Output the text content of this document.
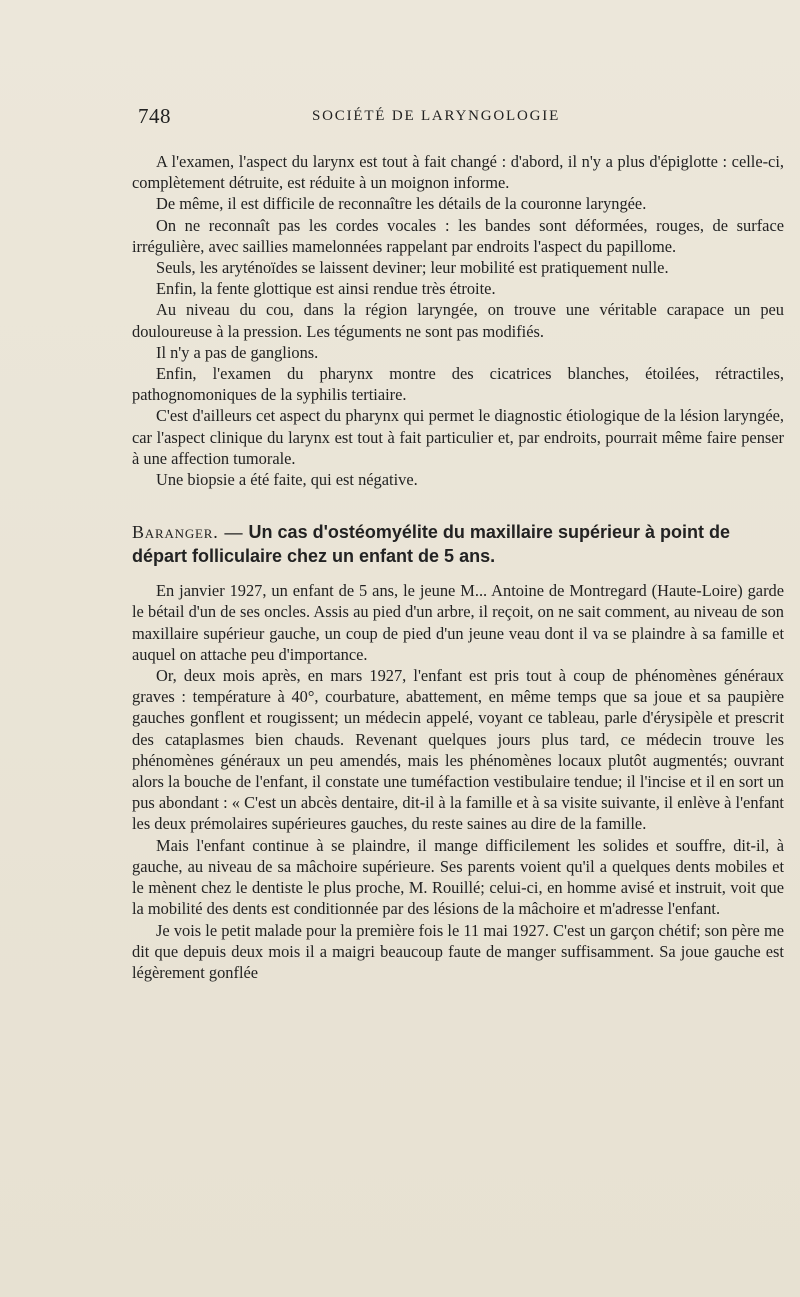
748	SOCIÉTÉ DE LARYNGOLOGIE

A l'examen, l'aspect du larynx est tout à fait changé : d'abord, il n'y a plus d'épiglotte : celle-ci, complètement détruite, est réduite à un moignon informe.

De même, il est difficile de reconnaître les détails de la couronne laryngée.

On ne reconnaît pas les cordes vocales : les bandes sont déformées, rouges, de surface irrégulière, avec saillies mamelonnées rappelant par endroits l'aspect du papillome.

Seuls, les aryténoïdes se laissent deviner; leur mobilité est pratiquement nulle.

Enfin, la fente glottique est ainsi rendue très étroite.

Au niveau du cou, dans la région laryngée, on trouve une véritable carapace un peu douloureuse à la pression. Les téguments ne sont pas modifiés.

Il n'y a pas de ganglions.

Enfin, l'examen du pharynx montre des cicatrices blanches, étoilées, rétractiles, pathognomoniques de la syphilis tertiaire.

C'est d'ailleurs cet aspect du pharynx qui permet le diagnostic étiologique de la lésion laryngée, car l'aspect clinique du larynx est tout à fait particulier et, par endroits, pourrait même faire penser à une affection tumorale.

Une biopsie a été faite, qui est négative.

Baranger. — Un cas d'ostéomyélite du maxillaire supérieur à point de départ folliculaire chez un enfant de 5 ans.

En janvier 1927, un enfant de 5 ans, le jeune M... Antoine de Montregard (Haute-Loire) garde le bétail d'un de ses oncles. Assis au pied d'un arbre, il reçoit, on ne sait comment, au niveau de son maxillaire supérieur gauche, un coup de pied d'un jeune veau dont il va se plaindre à sa famille et auquel on attache peu d'importance.

Or, deux mois après, en mars 1927, l'enfant est pris tout à coup de phénomènes généraux graves : température à 40°, courbature, abattement, en même temps que sa joue et sa paupière gauches gonflent et rougissent; un médecin appelé, voyant ce tableau, parle d'érysipèle et prescrit des cataplasmes bien chauds. Revenant quelques jours plus tard, ce médecin trouve les phénomènes généraux un peu amendés, mais les phénomènes locaux plutôt augmentés; ouvrant alors la bouche de l'enfant, il constate une tuméfaction vestibulaire tendue; il l'incise et il en sort un pus abondant : « C'est un abcès dentaire, dit-il à la famille et à sa visite suivante, il enlève à l'enfant les deux prémolaires supérieures gauches, du reste saines au dire de la famille.

Mais l'enfant continue à se plaindre, il mange difficilement les solides et souffre, dit-il, à gauche, au niveau de sa mâchoire supérieure. Ses parents voient qu'il a quelques dents mobiles et le mènent chez le dentiste le plus proche, M. Rouillé; celui-ci, en homme avisé et instruit, voit que la mobilité des dents est conditionnée par des lésions de la mâchoire et m'adresse l'enfant.

Je vois le petit malade pour la première fois le 11 mai 1927. C'est un garçon chétif; son père me dit que depuis deux mois il a maigri beaucoup faute de manger suffisamment. Sa joue gauche est légèrement gonflée
